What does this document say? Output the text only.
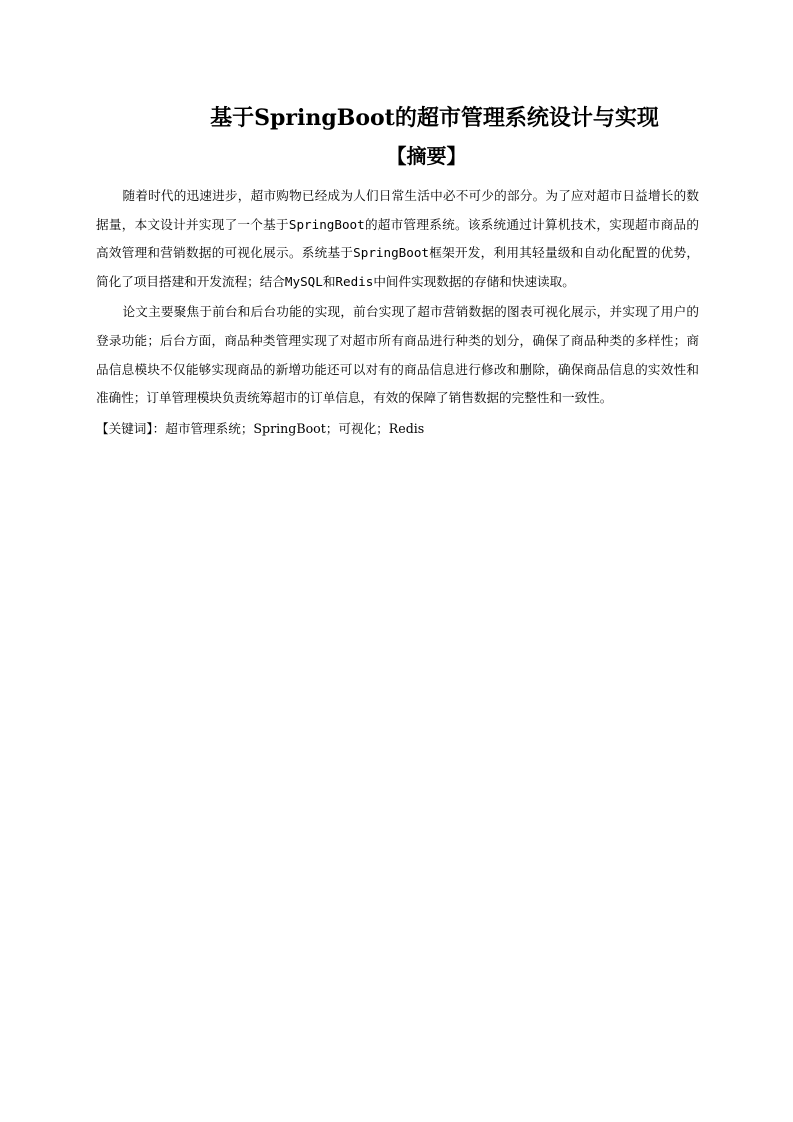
基于SpringBoot的超市管理系统设计与实现
【摘要】

随着时代的迅速进步，超市购物已经成为人们日常生活中必不可少的部分。为了应对超市日益增长的数据量，本文设计并实现了一个基于SpringBoot的超市管理系统。该系统通过计算机技术，实现超市商品的高效管理和营销数据的可视化展示。系统基于SpringBoot框架开发，利用其轻量级和自动化配置的优势，简化了项目搭建和开发流程；结合MySQL和Redis中间件实现数据的存储和快速读取。

论文主要聚焦于前台和后台功能的实现，前台实现了超市营销数据的图表可视化展示，并实现了用户的登录功能；后台方面，商品种类管理实现了对超市所有商品进行种类的划分，确保了商品种类的多样性；商品信息模块不仅能够实现商品的新增功能还可以对有的商品信息进行修改和删除，确保商品信息的实效性和准确性；订单管理模块负责统筹超市的订单信息，有效的保障了销售数据的完整性和一致性。

【关键词】：超市管理系统；SpringBoot；可视化；Redis
